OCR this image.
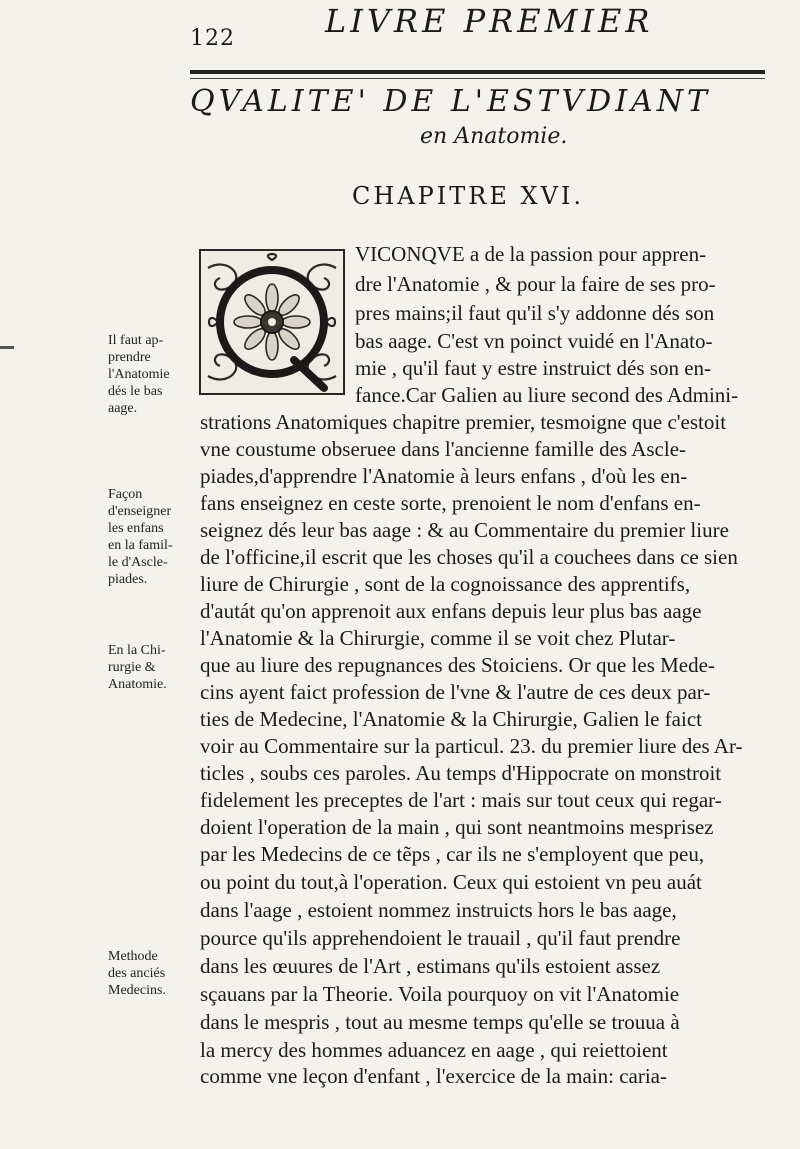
122	LIVRE PREMIER
QVALITE' DE L'ESTVDIANT
en Anatomie.
CHAPITRE XVI.
VICONQVE a de la passion pour appren-
dre l'Anatomie , & pour la faire de ses pro-
pres mains;il faut qu'il s'y addonne dés son
bas aage. C'est vn poinct vuidé en l'Anato-
mie , qu'il faut y estre instruict dés son en-
fance.Car Galien au liure second des Admini-
strations Anatomiques chapitre premier, tesmoigne que c'estoit
vne coustume obseruee dans l'ancienne famille des Ascle-
piades,d'apprendre l'Anatomie à leurs enfans , d'où les en-
fans enseignez en ceste sorte, prenoient le nom d'enfans en-
seignez dés leur bas aage : & au Commentaire du premier liure
de l'officine,il escrit que les choses qu'il a couchees dans ce sien
liure de Chirurgie , sont de la cognoissance des apprentifs,
d'autát qu'on apprenoit aux enfans depuis leur plus bas aage
l'Anatomie & la Chirurgie, comme il se voit chez Plutar-
que au liure des repugnances des Stoiciens. Or que les Mede-
cins ayent faict profession de l'vne & l'autre de ces deux par-
ties de Medecine, l'Anatomie & la Chirurgie, Galien le faict
voir au Commentaire sur la particul. 23. du premier liure des Ar-
ticles , soubs ces paroles. Au temps d'Hippocrate on monstroit
fidelement les preceptes de l'art : mais sur tout ceux qui regar-
doient l'operation de la main , qui sont neantmoins mesprisez
par les Medecins de ce tẽps , car ils ne s'employent que peu,
ou point du tout,à l'operation. Ceux qui estoient vn peu auát
dans l'aage , estoient nommez instruicts hors le bas aage,
pource qu'ils apprehendoient le trauail , qu'il faut prendre
dans les œuures de l'Art , estimans qu'ils estoient assez
sçauans par la Theorie. Voila pourquoy on vit l'Anatomie
dans le mespris , tout au mesme temps qu'elle se trouua à
la mercy des hommes aduancez en aage , qui reiettoient
comme vne leçon d'enfant , l'exercice de la main: caria-
Il faut ap-
prendre
l'Anatomie
dés le bas
aage.
Façon
d'enseigner
les enfans
en la famil-
le d'Ascle-
piades.
En la Chi-
rurgie &
Anatomie.
Methode
des anciés
Medecins.
